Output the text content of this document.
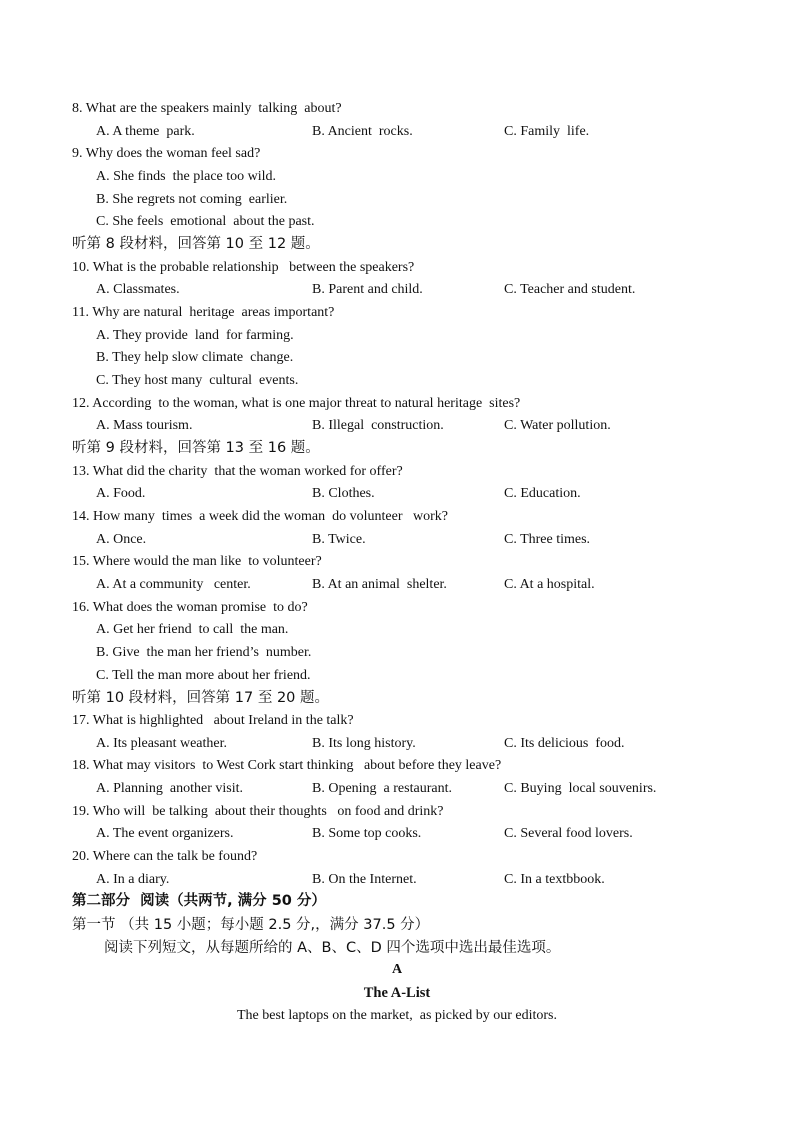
8. What are the speakers mainly  talking  about?
A. A theme  park.	B. Ancient  rocks.	C. Family  life.
9. Why does the woman feel sad?
A. She finds  the place too wild.
B. She regrets not coming  earlier.
C. She feels  emotional  about the past.
听第 8 段材料，回答第 10 至 12 题。
10. What is the probable relationship   between the speakers?
A. Classmates.	B. Parent and child.	C. Teacher and student.
11. Why are natural  heritage  areas important?
A. They provide  land  for farming.
B. They help slow climate  change.
C. They host many  cultural  events.
12. According  to the woman, what is one major threat to natural heritage  sites?
A. Mass tourism.	B. Illegal  construction.	C. Water pollution.
听第 9 段材料，回答第 13 至 16 题。
13. What did the charity  that the woman worked for offer?
A. Food.	B. Clothes.	C. Education.
14. How many  times  a week did the woman  do volunteer   work?
A. Once.	B. Twice.	C. Three times.
15. Where would the man like  to volunteer?
A. At a community   center.	B. At an animal  shelter.	C. At a hospital.
16. What does the woman promise  to do?
A. Get her friend  to call  the man.
B. Give  the man her friend’s  number.
C. Tell the man more about her friend.
听第 10 段材料，回答第 17 至 20 题。
17. What is highlighted   about Ireland in the talk?
A. Its pleasant weather.	B. Its long history.	C. Its delicious  food.
18. What may visitors  to West Cork start thinking   about before they leave?
A. Planning  another visit.	B. Opening  a restaurant.	C. Buying  local souvenirs.
19. Who will  be talking  about their thoughts   on food and drink?
A. The event organizers.	B. Some top cooks.	C. Several food lovers.
20. Where can the talk be found?
A. In a diary.	B. On the Internet.	C. In a textbbook.
第二部分  阅读（共两节, 满分 50 分）
第一节 （共 15 小题；每小题 2.5 分,，满分 37.5 分）
阅读下列短文，从每题所给的 A、B、C、D 四个选项中选出最佳选项。
A
The A-List
The best laptops on the market,  as picked by our editors.
